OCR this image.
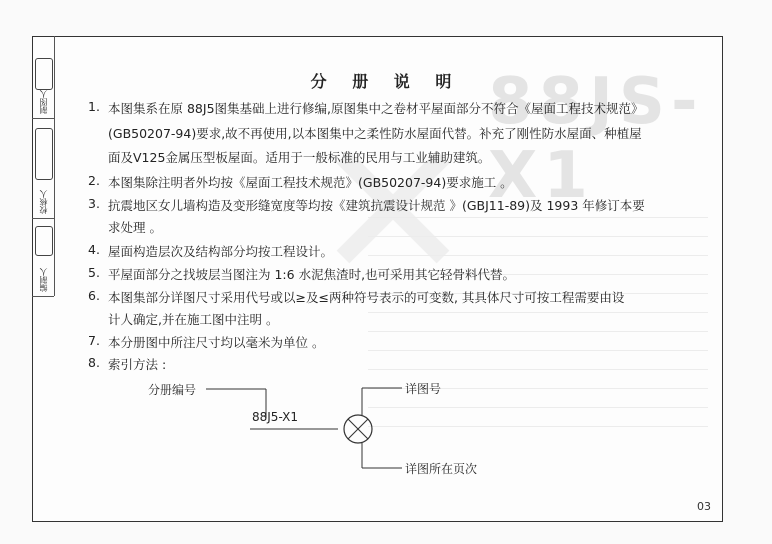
88JS-X1
制图人
校核人
编制人
分 册 说 明
1. 本图集系在原 88J5图集基础上进行修编,原图集中之卷材平屋面部分不符合《屋面工程技术规范》
(GB50207-94)要求,故不再使用,以本图集中之柔性防水屋面代替。补充了刚性防水屋面、种植屋
面及V125金属压型板屋面。适用于一般标准的民用与工业辅助建筑。
2. 本图集除注明者外均按《屋面工程技术规范》(GB50207-94)要求施工 。
3. 抗震地区女儿墙构造及变形缝宽度等均按《建筑抗震设计规范 》(GBJ11-89)及 1993 年修订本要
求处理 。
4. 屋面构造层次及结构部分均按工程设计。
5. 平屋面部分之找坡层当图注为 1:6 水泥焦渣时,也可采用其它轻骨料代替。
6. 本图集部分详图尺寸采用代号或以≥及≤两种符号表示的可变数, 其具体尺寸可按工程需要由设
计人确定,并在施工图中注明 。
7. 本分册图中所注尺寸均以毫米为单位 。
8. 索引方法 :
分册编号
88J5-X1
详图号
详图所在页次
03
